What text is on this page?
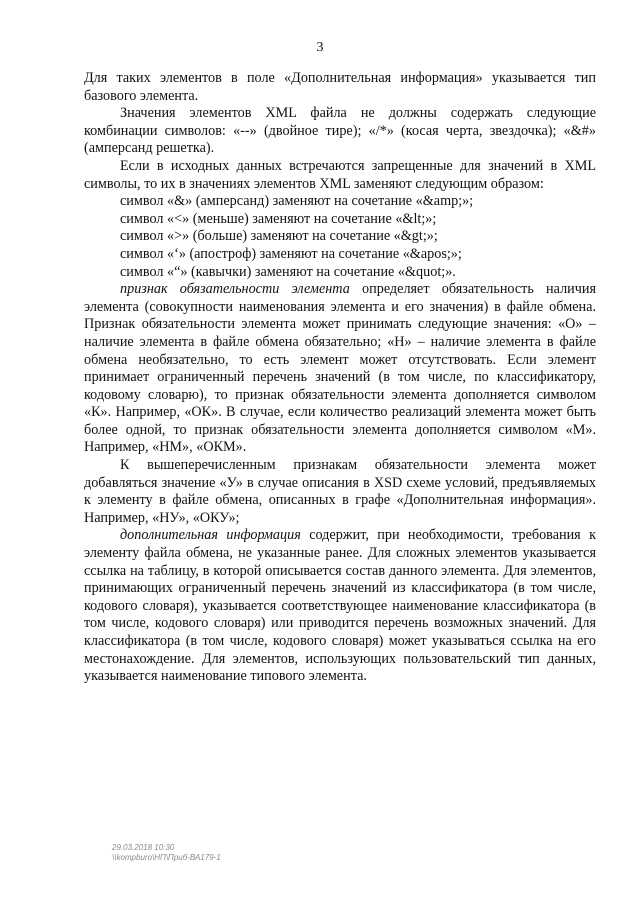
3

Для таких элементов в поле «Дополнительная информация» указывается тип базового элемента.

Значения элементов XML файла не должны содержать следующие комбинации символов: «--» (двойное тире); «/*» (косая черта, звездочка); «&#» (амперсанд решетка).

Если в исходных данных встречаются запрещенные для значений в XML символы, то их в значениях элементов XML заменяют следующим образом:

символ «&» (амперсанд) заменяют на сочетание «&amp;»;

символ «<» (меньше) заменяют на сочетание «&lt;»;

символ «>» (больше) заменяют на сочетание «&gt;»;

символ «‘» (апостроф) заменяют на сочетание «&apos;»;

символ «“» (кавычки) заменяют на сочетание «&quot;».

признак обязательности элемента определяет обязательность наличия элемента (совокупности наименования элемента и его значения) в файле обмена. Признак обязательности элемента может принимать следующие значения: «О» – наличие элемента в файле обмена обязательно; «Н» – наличие элемента в файле обмена необязательно, то есть элемент может отсутствовать. Если элемент принимает ограниченный перечень значений (в том числе, по классификатору, кодовому словарю), то признак обязательности элемента дополняется символом «К». Например, «ОК». В случае, если количество реализаций элемента может быть более одной, то признак обязательности элемента дополняется символом «М». Например, «НМ», «ОКМ».

К вышеперечисленным признакам обязательности элемента может добавляться значение «У» в случае описания в XSD схеме условий, предъявляемых к элементу в файле обмена, описанных в графе «Дополнительная информация». Например, «НУ», «ОКУ»;

дополнительная информация содержит, при необходимости, требования к элементу файла обмена, не указанные ранее. Для сложных элементов указывается ссылка на таблицу, в которой описывается состав данного элемента. Для элементов, принимающих ограниченный перечень значений из классификатора (в том числе, кодового словаря), указывается соответствующее наименование классификатора (в том числе, кодового словаря) или приводится перечень возможных значений. Для классификатора (в том числе, кодового словаря) может указываться ссылка на его местонахождение. Для элементов, использующих пользовательский тип данных, указывается наименование типового элемента.

29.03.2018 10:30
\\kompburo\НП\Приб-ВА179-1
